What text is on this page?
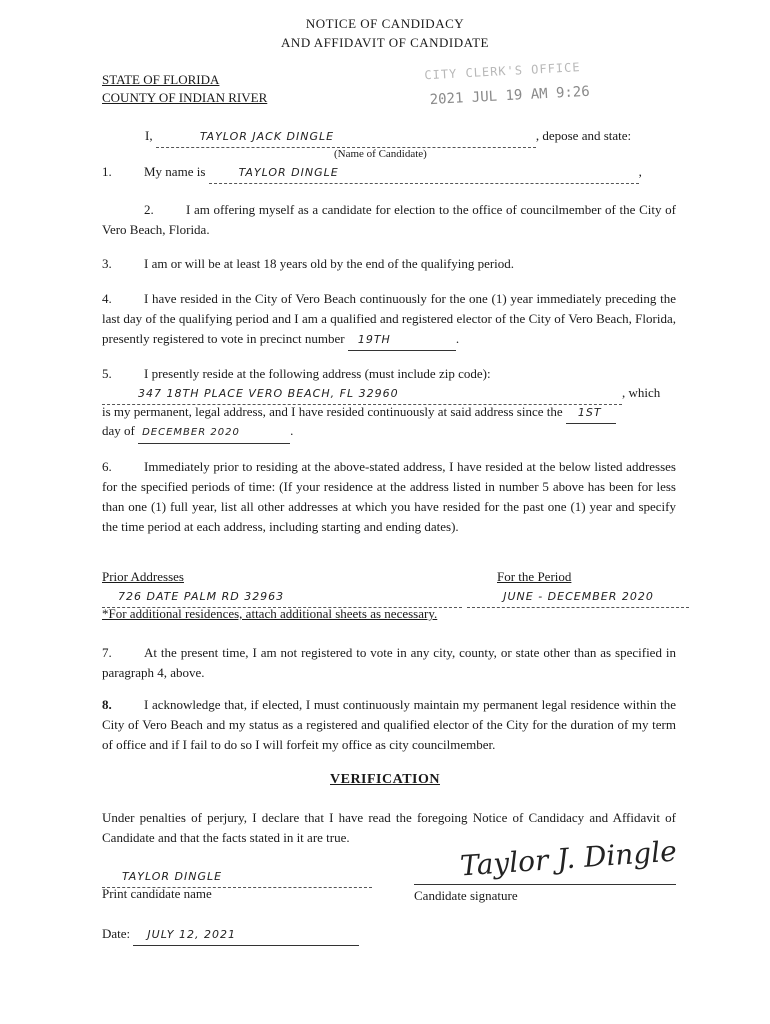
NOTICE OF CANDIDACY
AND AFFIDAVIT OF CANDIDATE
STATE OF FLORIDA
COUNTY OF INDIAN RIVER
CITY CLERK'S OFFICE
2021 JUL 19 AM 9:26
I,	TAYLOR JACK DINGLE	, depose and state:
(Name of Candidate)
1. My name is	TAYLOR DINGLE	,
2. I am offering myself as a candidate for election to the office of councilmember of the City of Vero Beach, Florida.
3. I am or will be at least 18 years old by the end of the qualifying period.
4. I have resided in the City of Vero Beach continuously for the one (1) year immediately preceding the last day of the qualifying period and I am a qualified and registered elector of the City of Vero Beach, Florida, presently registered to vote in precinct number 19TH	.
5. I presently reside at the following address (must include zip code):
347 18TH PLACE VERO BEACH, FL 32960	, which
is my permanent, legal address, and I have resided continuously at said address since the 1ST
day of DECEMBER 2020	.
6. Immediately prior to residing at the above-stated address, I have resided at the below listed addresses for the specified periods of time: (If your residence at the address listed in number 5 above has been for less than one (1) full year, list all other addresses at which you have resided for the past one (1) year and specify the time period at each address, including starting and ending dates).
Prior Addresses	For the Period
726 DATE PALM RD 32963	JUNE - DECEMBER 2020
*For additional residences, attach additional sheets as necessary.
7. At the present time, I am not registered to vote in any city, county, or state other than as specified in paragraph 4, above.
8. I acknowledge that, if elected, I must continuously maintain my permanent legal residence within the City of Vero Beach and my status as a registered and qualified elector of the City for the duration of my term of office and if I fail to do so I will forfeit my office as city councilmember.
VERIFICATION
Under penalties of perjury, I declare that I have read the foregoing Notice of Candidacy and Affidavit of Candidate and that the facts stated in it are true.
TAYLOR DINGLE
Print candidate name
Taylor J. Dingle
Candidate signature
Date: JULY 12, 2021
